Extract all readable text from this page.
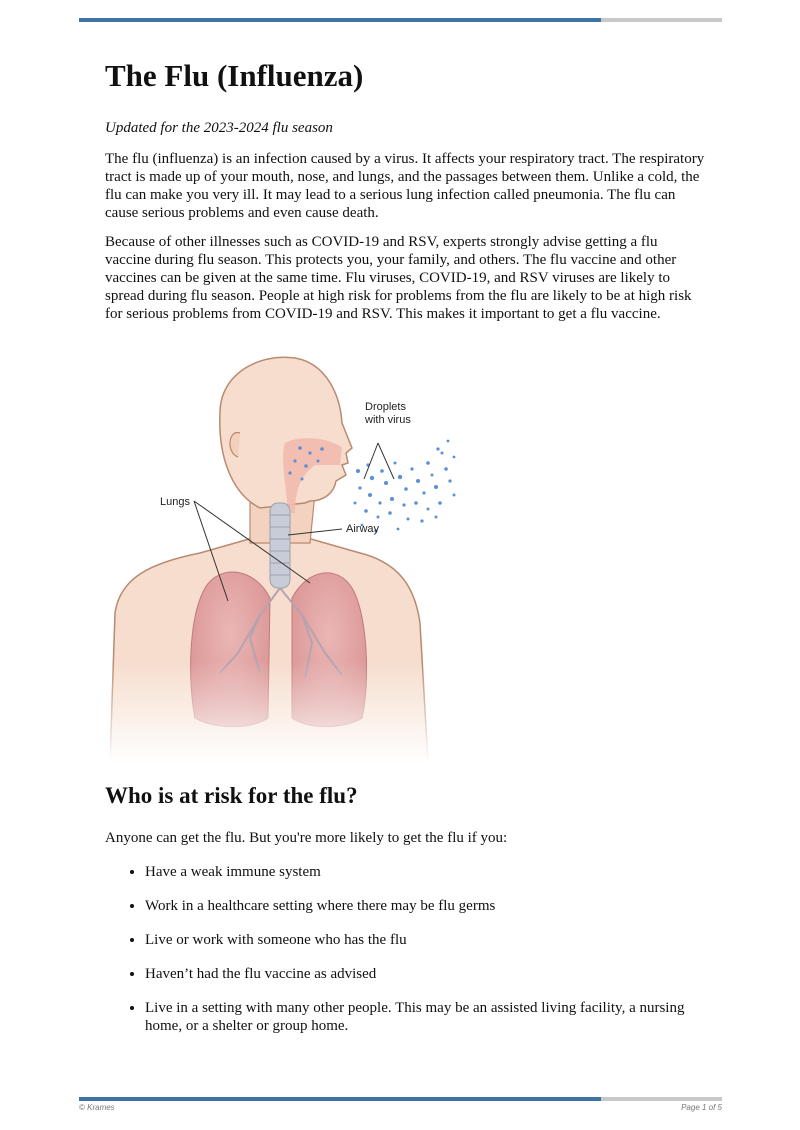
The Flu (Influenza)
Updated for the 2023-2024 flu season

The flu (influenza) is an infection caused by a virus. It affects your respiratory tract. The respiratory tract is made up of your mouth, nose, and lungs, and the passages between them. Unlike a cold, the flu can make you very ill. It may lead to a serious lung infection called pneumonia. The flu can cause serious problems and even cause death.

Because of other illnesses such as COVID-19 and RSV, experts strongly advise getting a flu vaccine during flu season. This protects you, your family, and others. The flu vaccine and other vaccines can be given at the same time. Flu viruses, COVID-19, and RSV viruses are likely to spread during flu season. People at high risk for problems from the flu are likely to be at high risk for serious problems from COVID-19 and RSV. This makes it important to get a flu vaccine.

Droplets
with virus
Lungs
Airway
Who is at risk for the flu?

Anyone can get the flu. But you're more likely to get the flu if you:

• Have a weak immune system
• Work in a healthcare setting where there may be flu germs
• Live or work with someone who has the flu
• Haven’t had the flu vaccine as advised
• Live in a setting with many other people. This may be an assisted living facility, a nursing home, or a shelter or group home.
© Krames	Page 1 of 5
